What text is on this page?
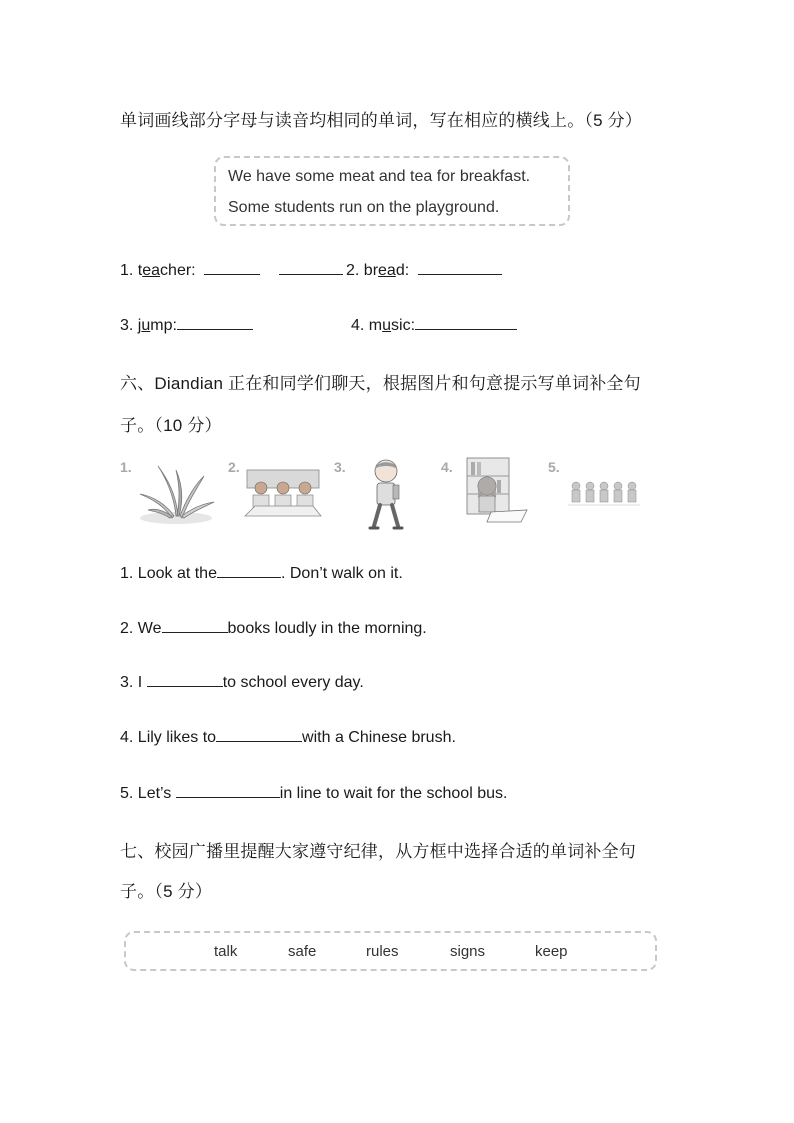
单词画线部分字母与读音均相同的单词，写在相应的横线上。（5 分）
We have some meat and tea for breakfast.
Some students run on the playground.
1. teacher:	2. bread:
3. jump:	4. music:
六、Diandian 正在和同学们聊天，根据图片和句意提示写单词补全句
子。（10 分）
1.	2.	3.	4.	5.
1. Look at the	. Don’t walk on it.
2. We	books loudly in the morning.
3. I	to school every day.
4. Lily likes to	with a Chinese brush.
5. Let’s	in line to wait for the school bus.
七、校园广播里提醒大家遵守纪律，从方框中选择合适的单词补全句
子。（5 分）
talk	safe	rules	signs	keep
